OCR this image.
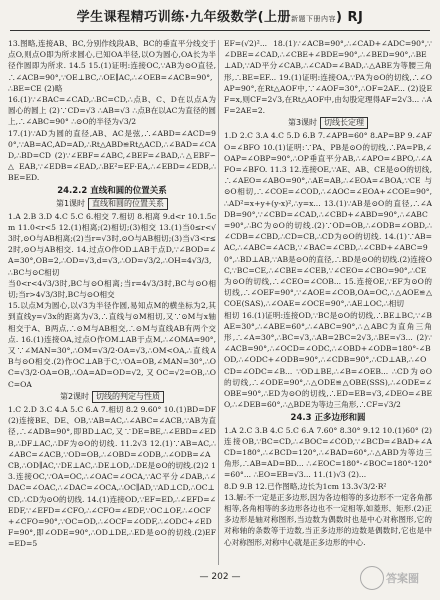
学生课程精巧训练·九年级数学(上册新题下册内容) RJ

13.图略,连接AB、BC,分别作线段AB、BC的垂直平分线交于点O,则点O即为所求圆心,已知OA半径,以O为圆心,OA长为半径作圆即为所求. 14.5 15.(1)证明:连接OC,∵AB为⊙O直径,∴∠ACB=90°,∵OE⊥BC,∴OE∥AC,∴∠OEB=∠ACB=90°,∴BE=CE (2)略

16.(1)∵∠BAC=∠CAD,∴BC=CD,∴点B、C、D在以点A为圆心的圆上 (2)∵CD=√3 ∴AB=√3 ∴点B在以AC为直径的圆上,∴∠ABC=90° ∴⊙O的半径为√3/2

17.(1)∵AD为圆的直径,AB、AC是弦,∴∠ABD=∠ACD=90°,∵AB=AC,AD=AD,∴Rt△ABD≌Rt△ACD,∴∠BAD=∠CAD,∴BD=CD (2)∵∠EBF=∠ABC,∠BEF=∠BAD,∴△EBF∽△EAB,∵∠EDB=∠EAD,∴BE²=EF·EA,∴∠EBD=∠EDB,∴BE=ED.

24.2.2 直线和圆的位置关系
第1课时 直线和圆的位置关系

1.A 2.B 3.D 4.C 5.C 6.相交 7.相切 8.相离 9.d<r 10.1.5cm 11.0<r<5 12.(1)相离;(2)相切;(3)相交 13.(1)当0≤r<√3时,⊙O与AB相离;(2)当r=√3时,⊙O与AB相切;(3)当√3<r≤2时,⊙O与AB相交. 14.过点O作OD⊥AB于点D,∵∠BOD=∠A=30°,OB=2,∴OD=√3,d=√3,∴OD=√3/2,∴OH=4√3/3,∴BC与⊙C相切

当0<r<4√3/3时,BC与⊙O相离;当r=4√3/3时,BC与⊙O相切;当r>4√3/3时,BC与⊙O相交

15.以点M为圆心,以√3为半径作圆,易知点M的横坐标为2,其到直线y=√3x的距离为√3,∴直线与⊙M相切,又∵⊙M与x轴相交于A、B两点,∴⊙M与AB相交,∴⊙M与直线AB有两个交点. 16.(1)连接OA,过点O作OM⊥AB于点M,∴∠OMA=90°,又∵∠MAN=30°,∴OM=√3/2·OA=√3,∴OM<OA,∴直线AB与⊙O相交.(2)作OC⊥AB于C,∵OA=OB,∠MAN=30°,∴OC=√3/2·OA=OB,∴OA=AD=OD=√2,又OC=√2=OB,∴OC=OA

第2课时 切线的判定与性质

1.C 2.D 3.C 4.A 5.C 6.A 7.相切 8.2 9.60° 10.(1)BD=DF (2)连接BE、DE、OB,∵AB=AC,∴∠ABC=∠ACB,∵AB为直径,∴∠ADB=90°,即BD⊥AC,又∵DE=BE,∴∠EBD=∠EDB,∴DF⊥AC,∴DF为⊙O的切线. 11.2√3 12.(1)∵AB=AC,∴∠ABC=∠ACB,∵OD=OB,∴∠OBD=∠ODB,∴∠ODB=∠ACB,∴OD∥AC,∵DE⊥AC,∴DE⊥OD,∴DE是⊙O的切线.(2)2 13.连接OC,∵OA=OC,∴∠OAC=∠OCA,∵AC平分∠DAB,∴∠DAC=∠OAC,∴∠DAC=∠OCA,∴OC∥AD,∵AD⊥CD,∴OC⊥CD,∴CD为⊙O的切线. 14.(1)连接OD,∵EF=ED,∴∠EFD=∠EDF,∵∠EFD=∠CFO,∴∠CFO=∠EDF,∵OC⊥OF,∴∠OCF+∠CFO=90°,∵OC=OD,∴∠OCF=∠ODF,∴∠ODC+∠EDF=90°,即∠ODE=90°,∴OD⊥DE,∴ED是⊙O的切线.(2)EF=ED=5

EF=(√2)²... 18.(1)∵∠ACB=90°,∴∠CAD+∠ADC=90°,∵∠DBE=∠CAD,∴∠CBE+∠BDE=90°,∴∠BED=90°,∴BE⊥AD,∵AD平分∠CAB,∴∠CAD=∠BAD,∴△ABE为等腰三角形,∴BE=EF... 19.(1)证明:连接OA,∵PA为⊙O的切线,∴∠OAP=90°,在Rt△AOF中,∵∠AOF=30°,∴OF=2AF... (2)设EF=x,则CF=2√3,在Rt△AOF中,由勾股定理得AF=2√3... ∴AF=2AE=2.

第3课时 切线长定理

1.D 2.C 3.A 4.C 5.D 6.B 7.∠APB=60° 8.AP=BP 9.∠AFO=∠BFO 10.(1)证明:∵PA、PB是⊙O的切线,∴PA=PB,∠OAP=∠OBP=90°,∴OP垂直平分AB,∴∠APO=∠BPO,∴∠AFO=∠BFO. 11.3 12.连接OE,∵AE、AB、CE是⊙O的切线,∴∠AEO=∠ABO=90°,∴AE=AB,∴∠EOA=∠BOA,∵CE与⊙O相切,∴∠COE=∠COD,∴∠AOC=∠EOA+∠COE=90°,∴AD²=x+y+(y-x)²,∴y=x... 13.(1)∵AB是⊙O的直径,∴∠ADB=90°,∵∠CBD=∠CAD,∴∠CBD+∠ABD=90°,∴∠ABC=90°,∴BC为⊙O的切线.(2)∵OD=OB,∴∠ODB=∠OBD,∴∠CDB=∠CBD,∴CD=CB,∴CD为⊙O的切线. 14.(1)∵AB=AC,∴∠ABC=∠ACB,∵∠BAC=∠CBD,∴∠CBD+∠ABC=90°,∴BD⊥AB,∵AB是⊙O的直径,∴BD是⊙O的切线.(2)连接OC,∵BC=CE,∴∠CBE=∠CEB,∵∠CEO=∠CBO=90°,∴CE为⊙O的切线,∴∠CEO=∠COB... 15.连接OE,∵EF为⊙O的切线,∴∠OEF=90°,∵∠AOE=∠COB,OA=OC,∴△AOE≌△COE(SAS),∴∠OAE=∠OCE=90°,∴AE⊥OC,∴相切

相切 16.(1)证明:连接OD,∵BC是⊙O的切线,∴BE⊥BC,∵∠BAE=30°,∴∠ABE=60°,∴∠ABC=90°,∴△ABC为直角三角形,∴∠A=30°,∴BC=√3,∴AB=2BC=2√3,∴BE=√3... (2)∵∠ACB=90°,∴∠OCD=∠ODC,∴∠OBD+∠ODB=180°-∠BOD,∴∠ODC+∠ODB=90°,∴∠CDB=90°,∴CD⊥AB,∴∠OCD=∠ODC=∠B... ∵OD⊥BE,∴∠B=∠OEB... ∴CD为⊙O的切线,∴∠ODE=90°,∴△ODE≌△OBE(SSS),∴∠ODE=∠OBE=90°,∴ED为⊙O的切线,∴ED=EB=√3,∠DEO=∠BEO,∴∠DEB=60°,∴△BDE为等边三角形,∴CF=√3/2

24.3 正多边形和圆

1.A 2.C 3.B 4.C 5.C 6.A 7.60° 8.30° 9.12 10.(1)60° (2)连接OB,∵BC=CD,∴∠BOC=∠COD,∵∠BCD=∠BAD+∠ACD=180°,∴∠BCD=120°,∴∠BAD=60°,∴△ABD为等边三角形,∴AB=AD=BD... ∴∠EOC=180°-∠BOC=180°-120°=60°... ∴EO=EB=√3... 11.(1)√3 (2)...

8.D 9.B 12.已作图略,边长为1cm 13.3√3/2·R²

13.解:不一定是正多边形,因为各边相等的多边形不一定各角都相等,各角相等的多边形各边也不一定相等,如菱形、矩形.(2)正多边形是轴对称图形,当边数为偶数时也是中心对称图形,它的对称轴的条数等于边数,当正多边形的边数是偶数时,它也是中心对称图形,对称中心就是正多边形的中心.

— 202 —	答案圈
